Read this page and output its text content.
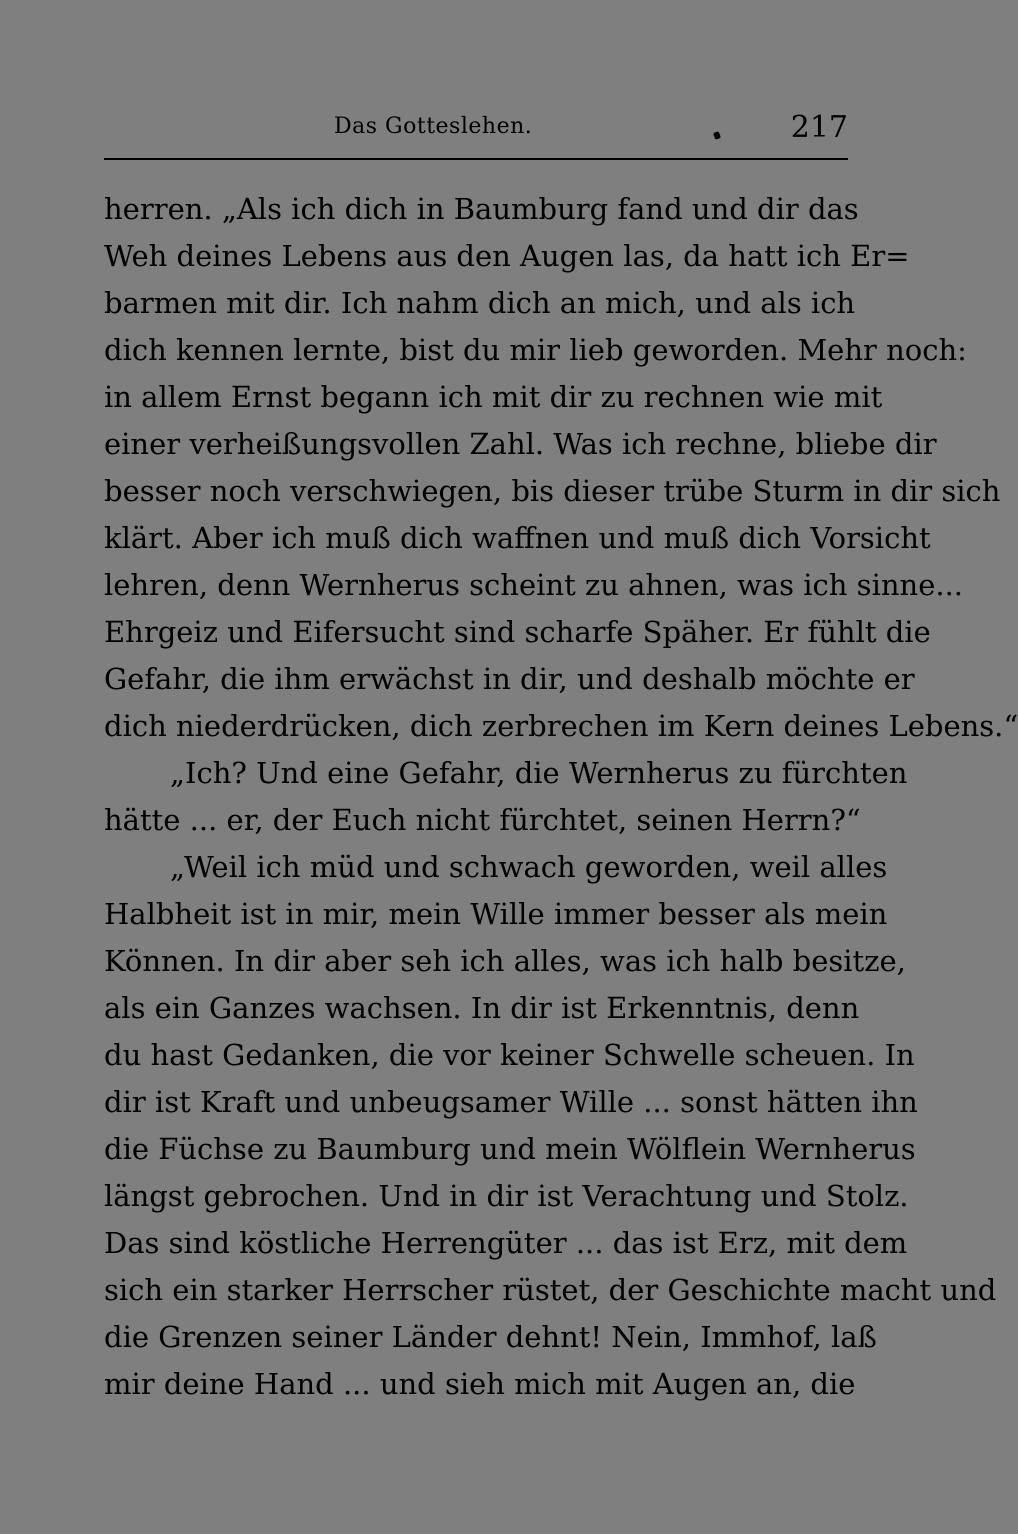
Das Gotteslehen.	217
herren. „Als ich dich in Baumburg fand und dir das
Weh deines Lebens aus den Augen las, da hatt ich Er=
barmen mit dir. Ich nahm dich an mich, und als ich
dich kennen lernte, bist du mir lieb geworden. Mehr noch:
in allem Ernst begann ich mit dir zu rechnen wie mit
einer verheißungsvollen Zahl. Was ich rechne, bliebe dir
besser noch verschwiegen, bis dieser trübe Sturm in dir sich
klärt. Aber ich muß dich waffnen und muß dich Vorsicht
lehren, denn Wernherus scheint zu ahnen, was ich sinne...
Ehrgeiz und Eifersucht sind scharfe Späher. Er fühlt die
Gefahr, die ihm erwächst in dir, und deshalb möchte er
dich niederdrücken, dich zerbrechen im Kern deines Lebens.“
„Ich? Und eine Gefahr, die Wernherus zu fürchten
hätte ... er, der Euch nicht fürchtet, seinen Herrn?“
„Weil ich müd und schwach geworden, weil alles
Halbheit ist in mir, mein Wille immer besser als mein
Können. In dir aber seh ich alles, was ich halb besitze,
als ein Ganzes wachsen. In dir ist Erkenntnis, denn
du hast Gedanken, die vor keiner Schwelle scheuen. In
dir ist Kraft und unbeugsamer Wille ... sonst hätten ihn
die Füchse zu Baumburg und mein Wölflein Wernherus
längst gebrochen. Und in dir ist Verachtung und Stolz.
Das sind köstliche Herrengüter ... das ist Erz, mit dem
sich ein starker Herrscher rüstet, der Geschichte macht und
die Grenzen seiner Länder dehnt! Nein, Immhof, laß
mir deine Hand ... und sieh mich mit Augen an, die
